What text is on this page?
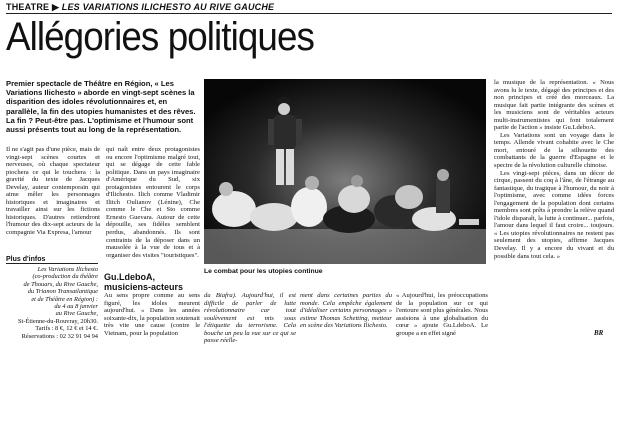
THEATRE ▶ LES VARIATIONS ILICHESTO AU RIVE GAUCHE
Allégories politiques
Premier spectacle de Théâtre en Région, « Les Variations Ilichesto » aborde en vingt-sept scènes la disparition des idoles révolutionnaires et, en parallèle, la fin des utopies humanistes et des rêves. La fin ? Peut-être pas. L'optimisme et l'humour sont aussi présents tout au long de la représentation.
Il ne s'agit pas d'une pièce, mais de vingt-sept scènes courtes et nerveuses, où chaque spectateur piochera ce qui le touchera : la gravité du texte de Jacques Develay, auteur contemporain qui aime mêler les personnages historiques et imaginaires et travailler ainsi sur les fictions historiques. D'autres retiendront l'humour des dix-sept acteurs de la compagnie Via Expresa, l'amour
qui naît entre deux protagonistes ou encore l'optimisme malgré tout, qui se dégage de cette fable politique. Dans un pays imaginaire d'Amérique du Sud, six protagonistes entourent le corps d'Ilichesto. Ilich comme Vladimir Ilitch Oulianov (Lénine), Che comme le Che et Sto comme Ernesto Guevara. Autour de cette dépouille, ses fidèles semblent perdus, abandonnés. Ils sont contraints de la déposer dans un mausolée à la vue de tous et à organiser des visites "touristiques".
Le combat pour les utopies continue
Plus d'infos
Les Variations Ilichesto
(co-production du théâtre
de Thouars, du Rive Gauche,
du Trianon Transatlantique
et de Théâtre en Région) :
du 4 au 8 janvier
au Rive Gauche,
St-Étienne-du-Rouvray, 20h30.
Tarifs : 8 €, 12 € et 14 €.
Réservations : 02 32 91 94 94
Gu.LdeboA, musiciens-acteurs
Au sens propre comme au sens figuré, les idoles meurent aujourd'hui. « Dans les années soixante-dix, la population soutenait très vite une cause (contre le Vietnam, pour la population
du Biafra). Aujourd'hui, il est difficile de parler de lutte révolutionnaire car tout soulèvement est mis sous l'étiquette du terrorisme. Cela bouche un peu la vue sur ce qui se passe réelle-
ment dans certaines parties du monde. Cela empêche également d'idéaliser certains personnages » estime Thomas Schetting, metteur en scène des Variations Ilichesto.
« Aujourd'hui, les préoccupations de la population sur ce qui l'entoure sont plus générales. Nous assistons à une globalisation du cœur » ajoute Gu.LdeboA. Le groupe a en effet signé
la musique de la représentation. « Nous avons lu le texte, dégagé des principes et des non principes et créé des morceaux. La musique fait partie intégrante des scènes et les musiciens sont de véritables acteurs multi-instrumentistes qui font totalement partie de l'action » insiste Gu.LdeboA.
Les Variations sont un voyage dans le temps. Allende vivant cohabite avec le Che mort, entouré de la silhouette des combattants de la guerre d'Espagne et le spectre de la révolution culturelle chinoise.
Les vingt-sept pièces, dans un décor de cirque, passent du coq à l'âne, de l'étrange au fantastique, du tragique à l'humour, du noir à l'optimisme, avec comme idées forces l'engagement de la population dont certains membres sont prêts à prendre la relève quand l'idole disparaît, la lutte à continuer... parfois, l'amour dans lequel il faut croire... toujours. « Les utopies révolutionnaires ne restent pas seulement des utopies, affirme Jacques Develay. Il y a encore du vivant et du possible dans tout cela. »
BR
